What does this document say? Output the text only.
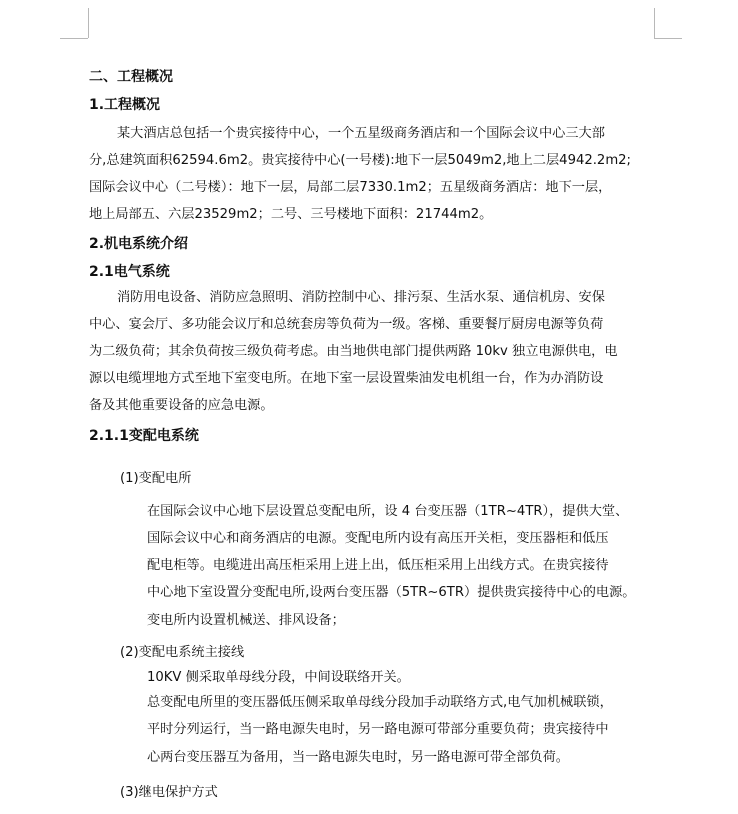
二、工程概况
1.工程概况
某大酒店总包括一个贵宾接待中心，一个五星级商务酒店和一个国际会议中心三大部
分,总建筑面积62594.6m2。贵宾接待中心(一号楼):地下一层5049m2,地上二层4942.2m2;
国际会议中心（二号楼）：地下一层，局部二层7330.1m2；五星级商务酒店：地下一层，
地上局部五、六层23529m2；二号、三号楼地下面积：21744m2。
2.机电系统介绍
2.1电气系统
消防用电设备、消防应急照明、消防控制中心、排污泵、生活水泵、通信机房、安保
中心、宴会厅、多功能会议厅和总统套房等负荷为一级。客梯、重要餐厅厨房电源等负荷
为二级负荷；其余负荷按三级负荷考虑。由当地供电部门提供两路 10kv 独立电源供电，电
源以电缆埋地方式至地下室变电所。在地下室一层设置柴油发电机组一台，作为办消防设
备及其他重要设备的应急电源。
2.1.1变配电系统
(1)变配电所
在国际会议中心地下层设置总变配电所，设 4 台变压器（1TR~4TR），提供大堂、
国际会议中心和商务酒店的电源。变配电所内设有高压开关柜，变压器柜和低压
配电柜等。电缆进出高压柜采用上进上出，低压柜采用上出线方式。在贵宾接待
中心地下室设置分变配电所,设两台变压器（5TR~6TR）提供贵宾接待中心的电源。
变电所内设置机械送、排风设备；
(2)变配电系统主接线
10KV 侧采取单母线分段，中间设联络开关。
总变配电所里的变压器低压侧采取单母线分段加手动联络方式,电气加机械联锁，
平时分列运行，当一路电源失电时，另一路电源可带部分重要负荷；贵宾接待中
心两台变压器互为备用，当一路电源失电时，另一路电源可带全部负荷。
(3)继电保护方式
